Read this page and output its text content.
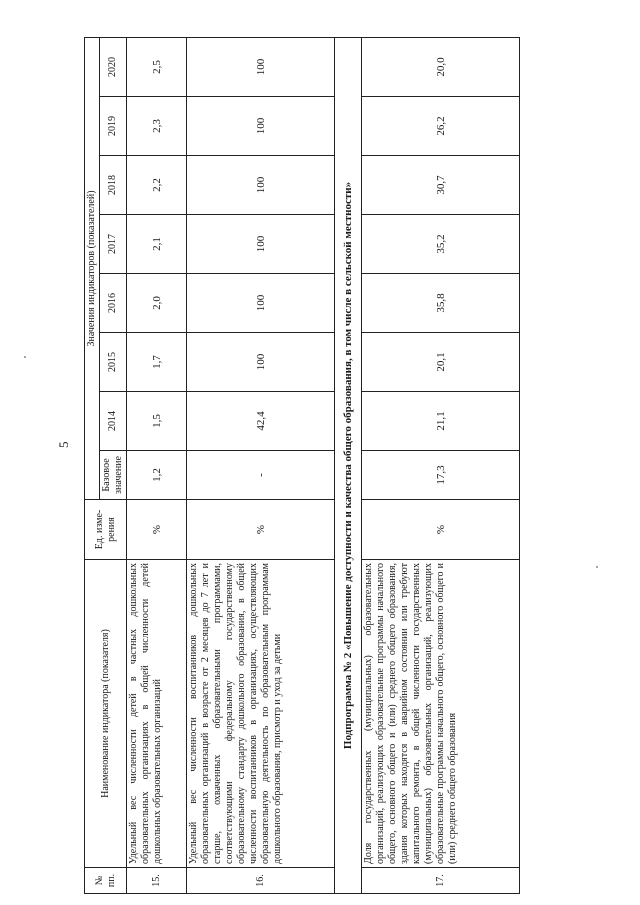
5
№ пп.	Наименование индикатора (показателя)	Ед. изме- рения	Значения индикаторов (показателей)							
			Базовое значение	2014	2015	2016	2017	2018	2019	2020
15.	Удельный вес численности детей в частных дошкольных образовательных организациях в общей численности детей дошкольных образовательных организаций	%	1,2	1,5	1,7	2,0	2,1	2,2	2,3	2,5
16.	Удельный вес численности воспитанников дошкольных образовательных организаций в возрасте от 2 месяцев до 7 лет и старше, охваченных образовательными программами, соответствующими федеральному государственному образовательному стандарту дошкольного образования, в общей численности воспитанников в организациях, осуществляющих образовательную деятельность по образовательным программам дошкольного образования, присмотр и уход за детьми	%	-	42,4	100	100	100	100	100	100
Подпрограмма № 2 «Повышение доступности и качества общего образования, в том числе в сельской местности»										
17.	Доля государственных (муниципальных) образовательных организаций, реализующих образовательные программы начального общего, основного общего и (или) среднего общего образования, здания которых находятся в аварийном состоянии или требуют капитального ремонта, в общей численности государственных (муниципальных) образовательных организаций, реализующих образовательные программы начального общего, основного общего и (или) среднего общего образования	%	17,3	21,1	20,1	35,8	35,2	30,7	26,2	20,0
